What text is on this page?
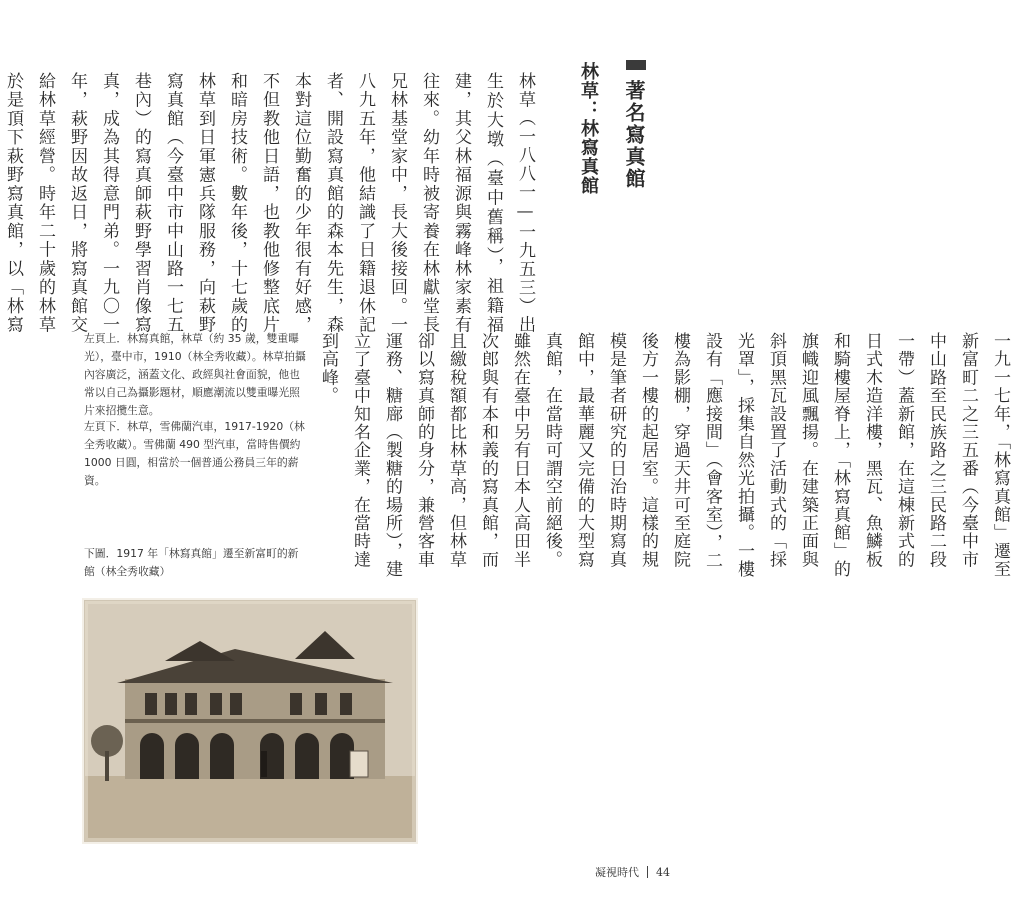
著名寫真館
林草：林寫真館
林草（一八八一—一九五三）出生於大墩（臺中舊稱），祖籍福建，其父林福源與霧峰林家素有往來。幼年時被寄養在林獻堂長兄林基堂家中，長大後接回。一八九五年，他結識了日籍退休記者、開設寫真館的森本先生，森本對這位勤奮的少年很有好感，不但教他日語，也教他修整底片和暗房技術。數年後，十七歲的林草到日軍憲兵隊服務，向萩野寫真館（今臺中市中山路一七五巷內）的寫真師萩野學習肖像寫真，成為其得意門弟。一九〇一年，萩野因故返日，將寫真館交給林草經營。時年二十歲的林草於是頂下萩野寫真館，以「林寫
一九一七年，「林寫真館」遷至新富町二之三五番（今臺中市中山路至民族路之三民路二段一帶）蓋新館，在這棟新式的日式木造洋樓，黑瓦、魚鱗板和騎樓屋脊上，「林寫真館」的旗幟迎風飄揚。在建築正面與斜頂黑瓦設置了活動式的「採光罩」，採集自然光拍攝。一樓設有「應接間」（會客室），二樓為影棚，穿過天井可至庭院後方一樓的起居室。這樣的規模是筆者研究的日治時期寫真館中，最華麗又完備的大型寫真館，在當時可謂空前絕後。雖然在臺中另有日本人高田半次郎與有本和義的寫真館，而且繳稅額都比林草高，但林草卻以寫真師的身分，兼營客車運務、糖廍（製糖的場所），建立了臺中知名企業，在當時達到高峰。
左頁上．林寫真館，林草（約 35 歲，雙重曝光），臺中市，1910（林全秀收藏）。林草拍攝內容廣泛，涵蓋文化、政經與社會面貌，他也常以自己為攝影題材，順應潮流以雙重曝光照片來招攬生意。
左頁下．林草，雪佛蘭汽車，1917-1920（林全秀收藏）。雪佛蘭 490 型汽車，當時售價約 1000 日圓，相當於一個普通公務員三年的薪資。
下圖．1917 年「林寫真館」遷至新富町的新館（林全秀收藏）
凝視時代 44
